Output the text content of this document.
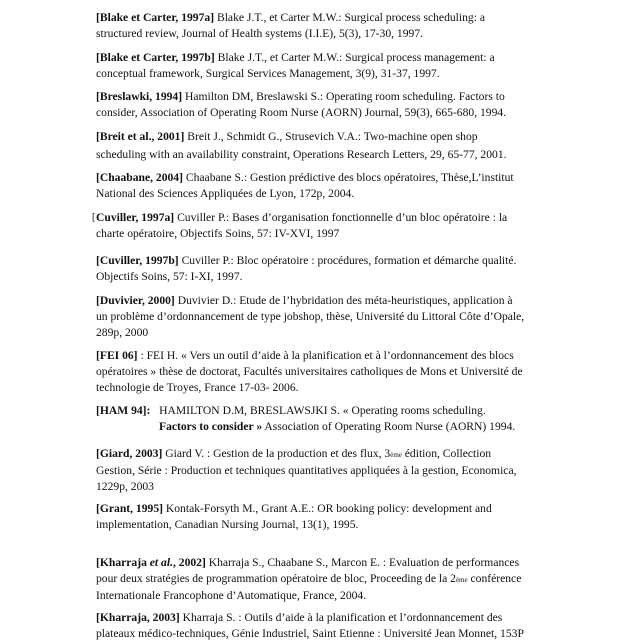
[Blake et Carter, 1997a] Blake J.T., et Carter M.W.: Surgical process scheduling: a

structured review, Journal of Health systems (I.I.E), 5(3), 17-30, 1997.

[Blake et Carter, 1997b] Blake J.T., et Carter M.W.: Surgical process management: a

conceptual framework, Surgical Services Management, 3(9), 31-37, 1997.

[Breslawki, 1994] Hamilton DM, Breslawski S.: Operating room scheduling. Factors to

consider, Association of Operating Room Nurse (AORN) Journal, 59(3), 665-680, 1994.

[Breit et al., 2001] Breit J., Schmidt G., Strusevich V.A.: Two-machine open shop

scheduling with an availability constraint, Operations Research Letters, 29, 65-77, 2001.

[Chaabane, 2004] Chaabane S.: Gestion prédictive des blocs opératoires, Thèse,L’institut

National des Sciences Appliquées de Lyon, 172p, 2004.

[ Cuviller, 1997a] Cuviller P.: Bases d’organisation fonctionnelle d’un bloc opératoire : la

charte opératoire, Objectifs Soins, 57: IV-XVI, 1997

[Cuviller, 1997b] Cuviller P.: Bloc opératoire : procédures, formation et démarche qualité.

Objectifs Soins, 57: I-XI, 1997.

[Duvivier, 2000] Duvivier D.: Etude de l’hybridation des méta-heuristiques, application à

un problème d’ordonnancement de type jobshop, thèse, Université du Littoral Côte d’Opale,

289p, 2000

[FEI 06] : FEI H. « Vers un outil d’aide à la planification et à l’ordonnancement des blocs

opératoires » thèse de doctorat, Facultés universitaires catholiques de Mons et Université de

technologie de Troyes, France 17-03- 2006.

[HAM 94]: HAMILTON D.M, BRESLAWSJKI S. « Operating rooms scheduling.

Factors to consider » Association of Operating Room Nurse (AORN) 1994.

[Giard, 2003] Giard V. : Gestion de la production et des flux, 3ème édition, Collection

Gestion, Série : Production et techniques quantitatives appliquées à la gestion, Economica,

1229p, 2003

[Grant, 1995] Kontak-Forsyth M., Grant A.E.: OR booking policy: development and

implementation, Canadian Nursing Journal, 13(1), 1995.

[Kharraja et al., 2002] Kharraja S., Chaabane S., Marcon E. : Evaluation de performances

pour deux stratégies de programmation opératoire de bloc, Proceeding de la 2ème conférence

Internationale Francophone d’Automatique, France, 2004.

[Kharraja, 2003] Kharraja S. : Outils d’aide à la planification et l’ordonnancement des

plateaux médico-techniques, Génie Industriel, Saint Etienne : Université Jean Monnet, 153P
